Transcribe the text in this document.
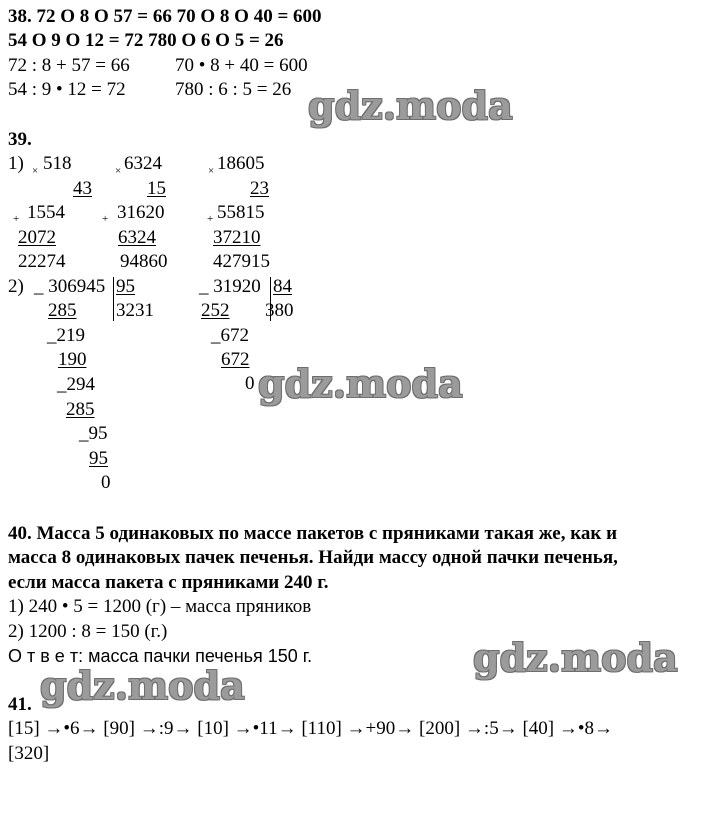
38. 72 O 8 O 57 = 66 70 O 8 O 40 = 600
54 O 9 O 12 = 72 780 O 6 O 5 = 26
72 : 8 + 57 = 66 70 • 8 + 40 = 600
54 : 9 • 12 = 72	780 : 6 : 5 = 26 gdz.moda
39.
1) × 518
43
+ 1554
2072
22274
× 6324
15
+ 31620
6324
94860
× 18605
23
+ 55815
37210
427915
2) _ 306945 95
3231
285
_219
190
_294
285
_95
95
0
_ 31920 84
380
252
_672
672
0 gdz.moda
40. Масса 5 одинаковых по массе пакетов с пряниками такая же, как и
масса 8 одинаковых пачек печенья. Найди массу одной пачки печенья,
если масса пакета с пряниками 240 г.
1) 240 • 5 = 1200 (г) – масса пряников
2) 1200 : 8 = 150 (г.)
О т в е т: масса пачки печенья 150 г.	gdz.moda
gdz.moda
41.
[15] →•6→ [90] →:9→ [10] →•11→ [110] →+90→ [200] →:5→ [40] →•8→
[320]
